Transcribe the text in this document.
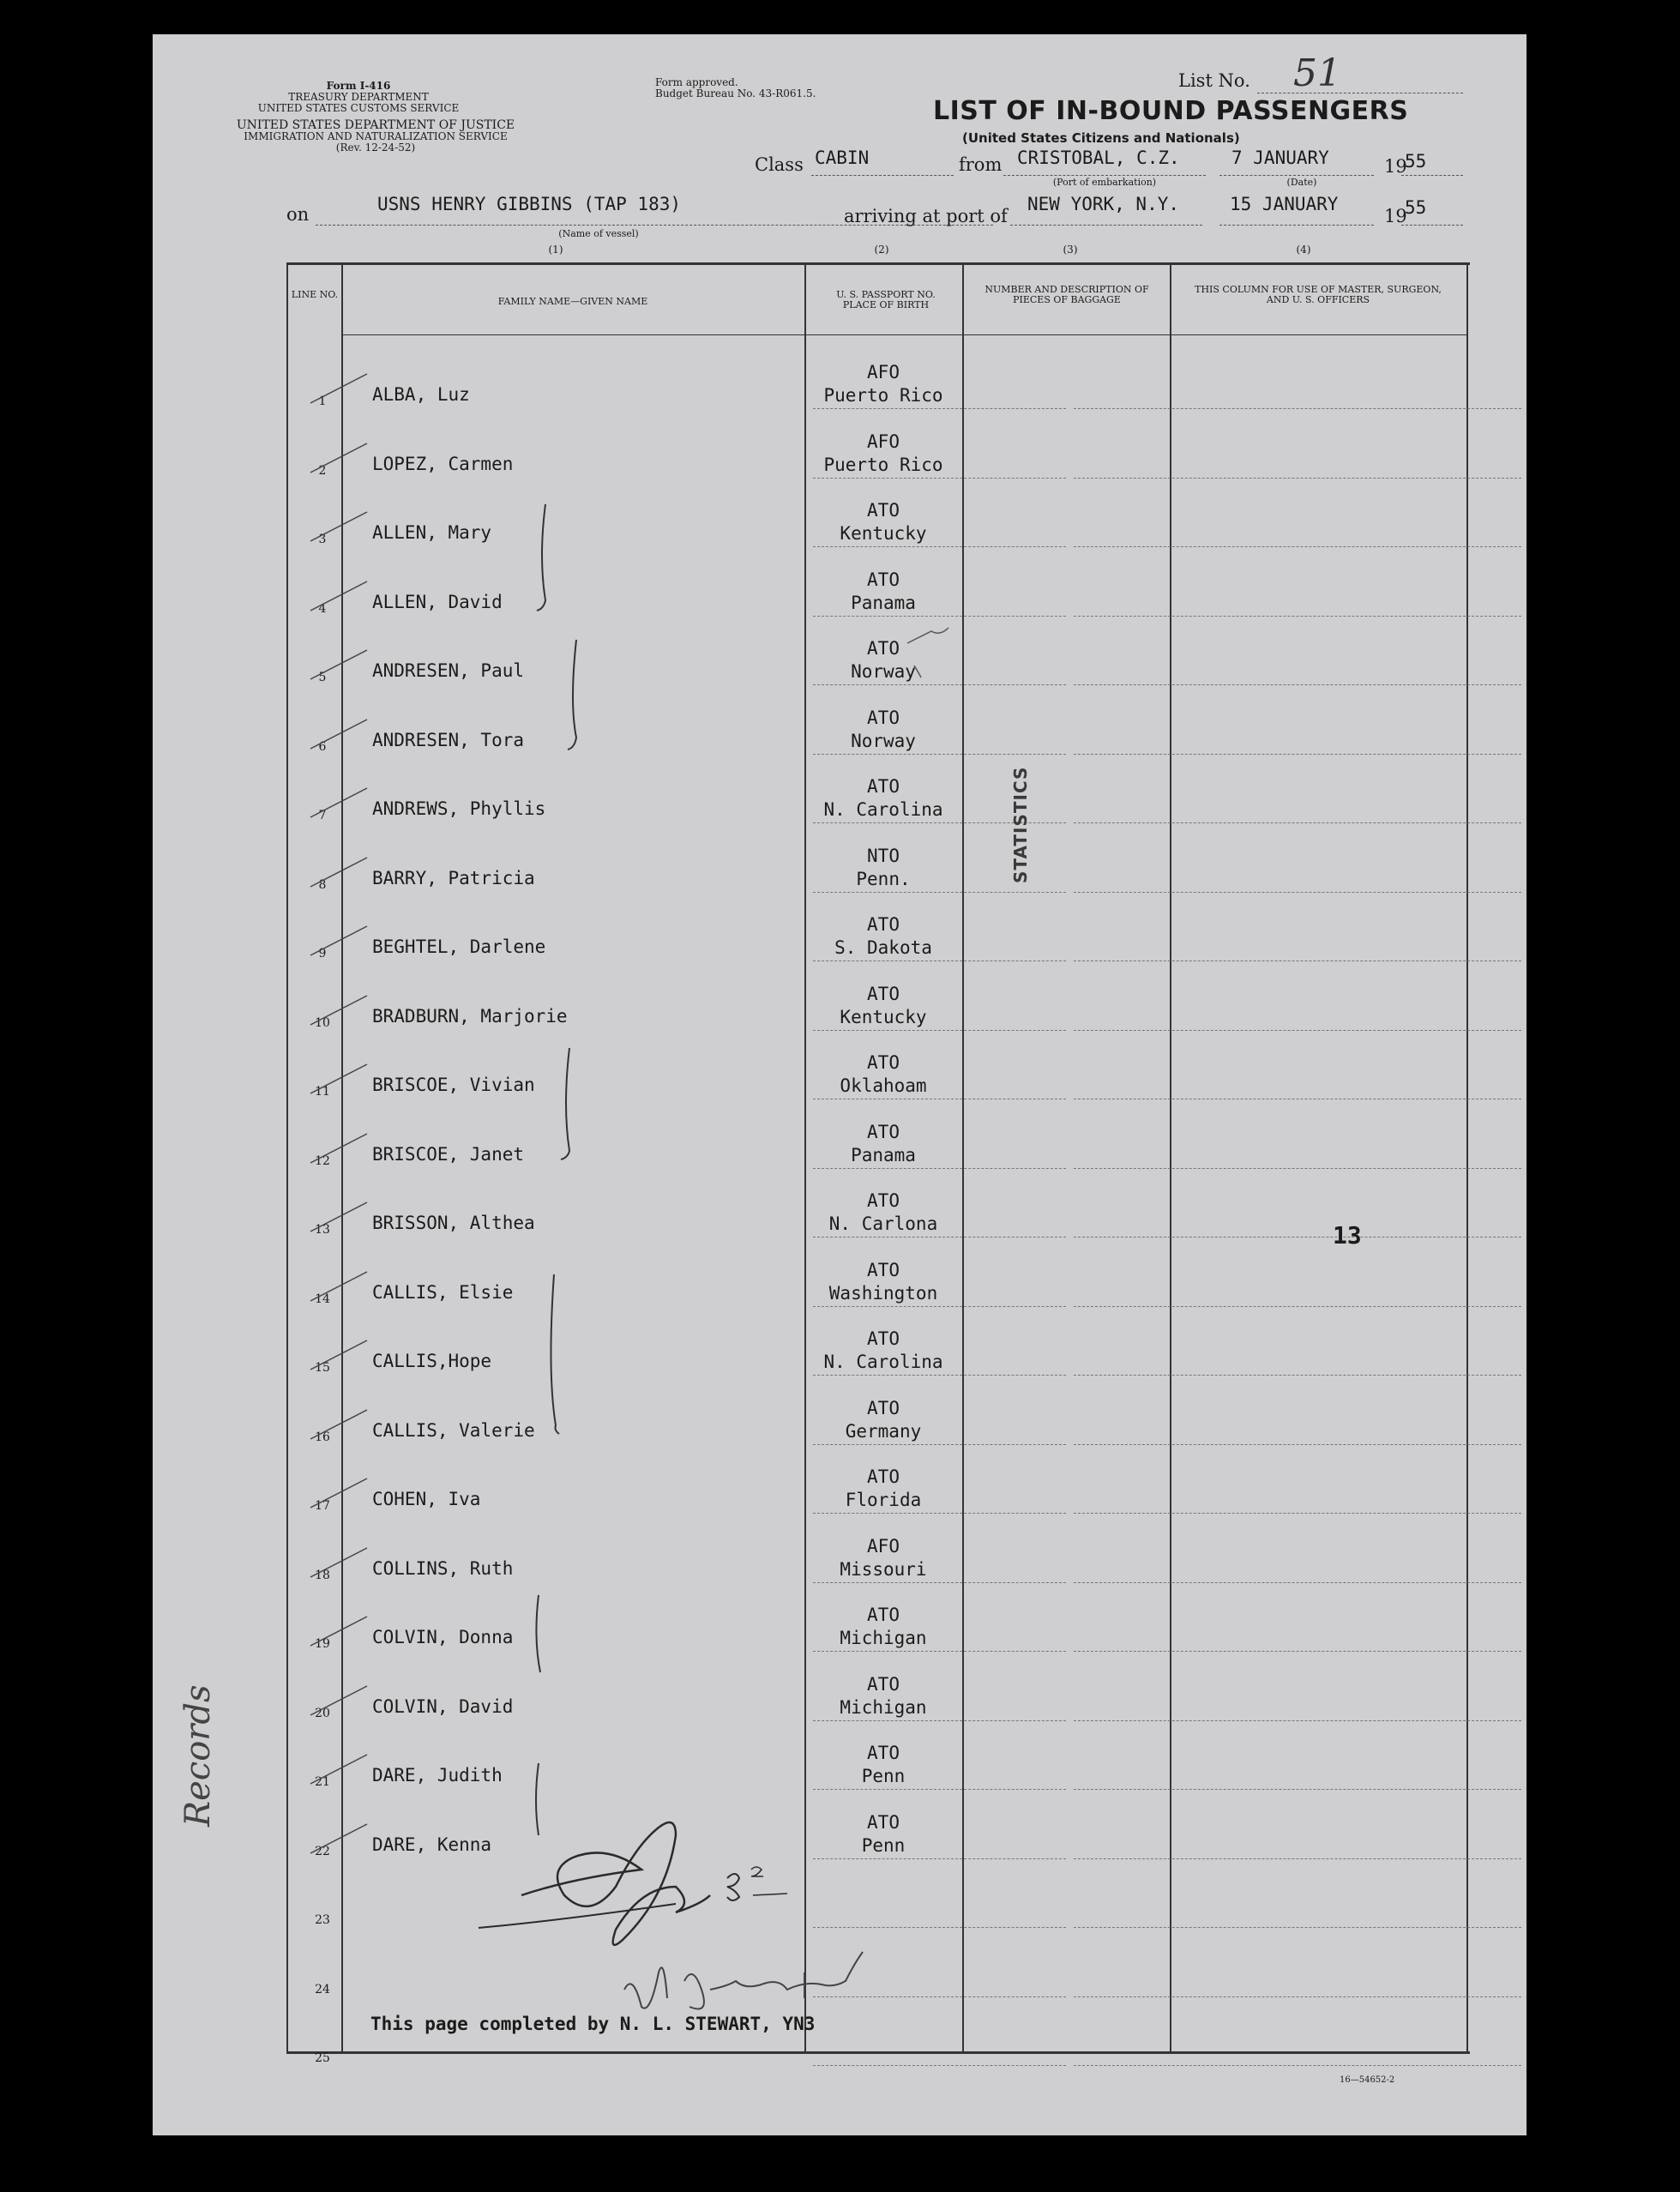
Form I-416
TREASURY DEPARTMENT
UNITED STATES CUSTOMS SERVICE
UNITED STATES DEPARTMENT OF JUSTICE
IMMIGRATION AND NATURALIZATION SERVICE
(Rev. 12-24-52)
Form approved.
Budget Bureau No. 43-R061.5.
List No. 51
LIST OF IN-BOUND PASSENGERS
(United States Citizens and Nationals)
Class CABIN	from CRISTOBAL, C.Z.
(Port of embarkation)
7 JANUARY
(Date)
19
55
on	USNS HENRY GIBBINS (TAP 183)
(Name of vessel)
arriving at port of
NEW YORK, N.Y.	15 JANUARY
19
55
(1)	(2)	(3)	(4)
LINE NO.
FAMILY NAME—GIVEN NAME
U. S. PASSPORT NO. PLACE OF BIRTH
NUMBER AND DESCRIPTION OF PIECES OF BAGGAGE
THIS COLUMN FOR USE OF MASTER, SURGEON, AND U. S. OFFICERS
1	ALBA, Luz
AFO
Puerto Rico
2	LOPEZ, Carmen
AFO
Puerto Rico
3	ALLEN, Mary
ATO
Kentucky
4	ALLEN, David
ATO
Panama
5	ANDRESEN, Paul
ATO
Norway
6	ANDRESEN, Tora
ATO
Norway
7	ANDREWS, Phyllis
ATO
N. Carolina
8	BARRY, Patricia
NTO
Penn.
9	BEGHTEL, Darlene
ATO
S. Dakota
10	BRADBURN, Marjorie
ATO
Kentucky
11	BRISCOE, Vivian
ATO
Oklahoam
12	BRISCOE, Janet
ATO
Panama
13	BRISSON, Althea
ATO
N. Carlona
14	CALLIS, Elsie
ATO
Washington
15	CALLIS,Hope
ATO
N. Carolina
16	CALLIS, Valerie
ATO
Germany
17	COHEN, Iva
ATO
Florida
18	COLLINS, Ruth
AFO
Missouri
19	COLVIN, Donna
ATO
Michigan
20	COLVIN, David
ATO
Michigan
21	DARE, Judith
ATO
Penn
22	DARE, Kenna
ATO
Penn
23
24
25
This page completed by N. L. STEWART, YN3
STATISTICS
13
Records
16—54652-2
